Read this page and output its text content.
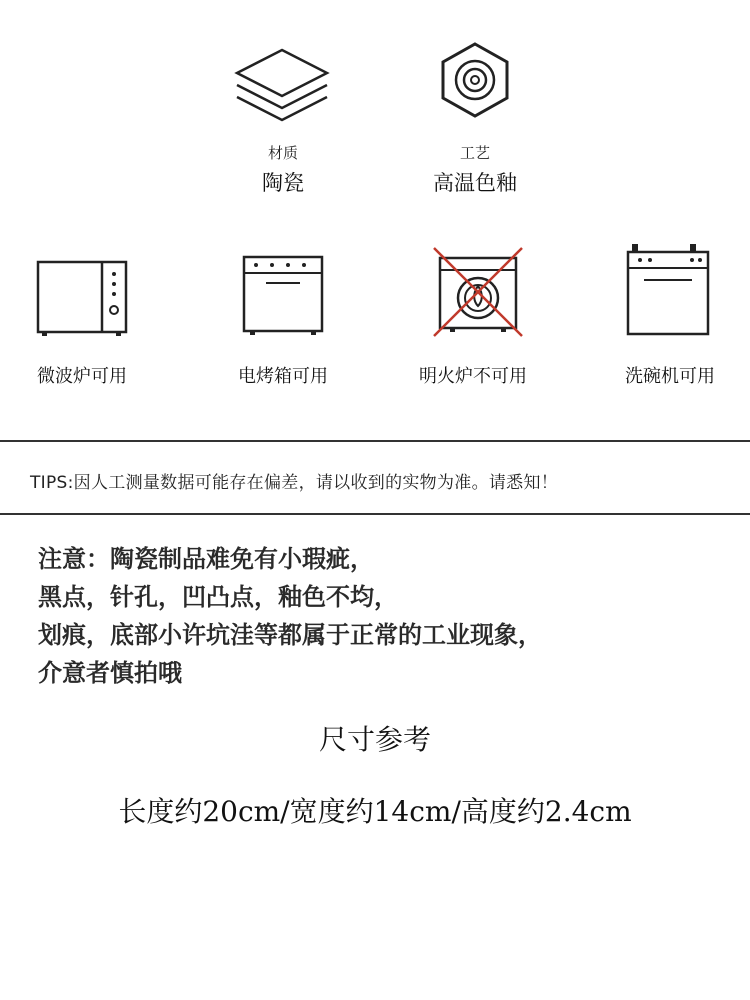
材质
陶瓷
工艺
高温色釉
微波炉可用	电烤箱可用	明火炉不可用	洗碗机可用
TIPS:因人工测量数据可能存在偏差，请以收到的实物为准。请悉知！
注意：陶瓷制品难免有小瑕疵，
黑点，针孔，凹凸点，釉色不均，
划痕，底部小许坑洼等都属于正常的工业现象，
介意者慎拍哦
尺寸参考
长度约20cm/宽度约14cm/高度约2.4cm
